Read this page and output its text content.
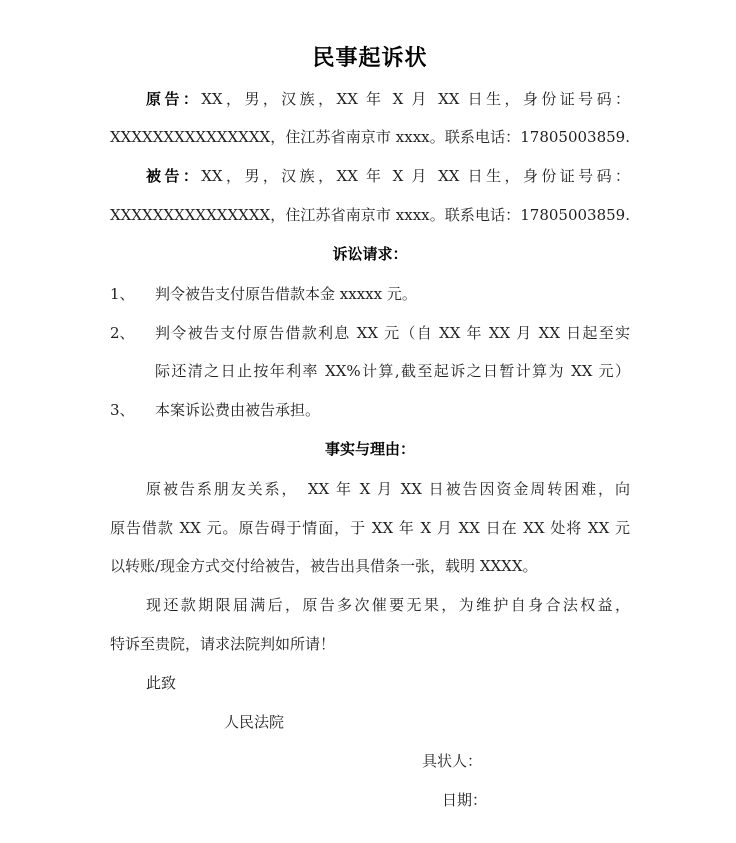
民事起诉状
原告：XX，男，汉族，XX 年 X 月 XX 日生，身份证号码：
XXXXXXXXXXXXXXX，住江苏省南京市 xxxx。联系电话：17805003859.
被告：XX，男，汉族，XX 年 X 月 XX 日生，身份证号码：
XXXXXXXXXXXXXXX，住江苏省南京市 xxxx。联系电话：17805003859.
诉讼请求：
1、 判令被告支付原告借款本金 xxxxx 元。
2、 判令被告支付原告借款利息 XX 元（自 XX 年 XX 月 XX 日起至实
际还清之日止按年利率 XX%计算,截至起诉之日暂计算为 XX 元）
3、 本案诉讼费由被告承担。
事实与理由：
原被告系朋友关系，　XX 年 X 月 XX 日被告因资金周转困难，向
原告借款 XX 元。原告碍于情面，于 XX 年 X 月 XX 日在 XX 处将 XX 元
以转账/现金方式交付给被告，被告出具借条一张，载明 XXXX。
现还款期限届满后，原告多次催要无果，为维护自身合法权益，
特诉至贵院，请求法院判如所请！
此致
人民法院
具状人：
日期：
